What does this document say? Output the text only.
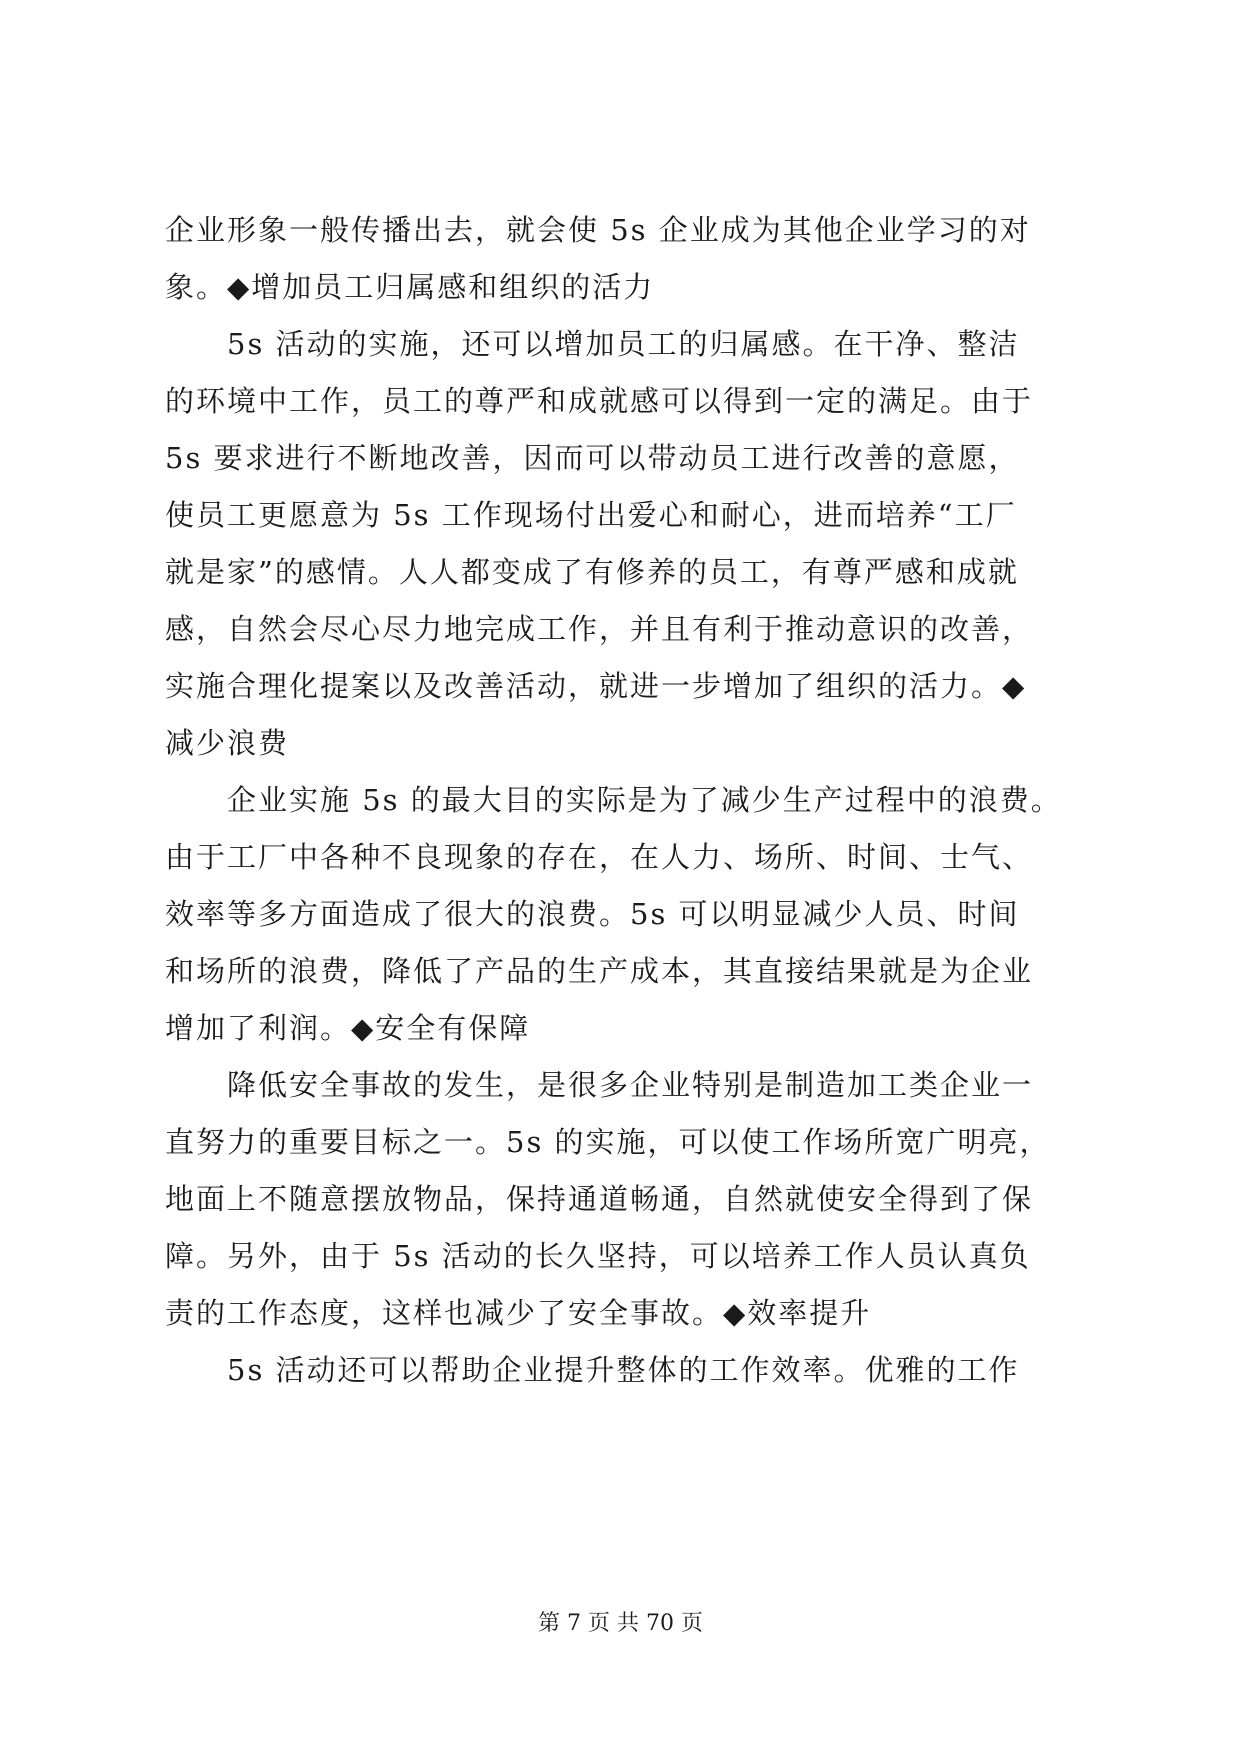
企业形象一般传播出去，就会使 5s 企业成为其他企业学习的对
象。◆增加员工归属感和组织的活力
　　5s 活动的实施，还可以增加员工的归属感。在干净、整洁
的环境中工作，员工的尊严和成就感可以得到一定的满足。由于
5s 要求进行不断地改善，因而可以带动员工进行改善的意愿，
使员工更愿意为 5s 工作现场付出爱心和耐心，进而培养“工厂
就是家”的感情。人人都变成了有修养的员工，有尊严感和成就
感，自然会尽心尽力地完成工作，并且有利于推动意识的改善，
实施合理化提案以及改善活动，就进一步增加了组织的活力。◆
减少浪费
　　企业实施 5s 的最大目的实际是为了减少生产过程中的浪费。
由于工厂中各种不良现象的存在，在人力、场所、时间、士气、
效率等多方面造成了很大的浪费。5s 可以明显减少人员、时间
和场所的浪费，降低了产品的生产成本，其直接结果就是为企业
增加了利润。◆安全有保障
　　降低安全事故的发生，是很多企业特别是制造加工类企业一
直努力的重要目标之一。5s 的实施，可以使工作场所宽广明亮，
地面上不随意摆放物品，保持通道畅通，自然就使安全得到了保
障。另外，由于 5s 活动的长久坚持，可以培养工作人员认真负
责的工作态度，这样也减少了安全事故。◆效率提升
　　5s 活动还可以帮助企业提升整体的工作效率。优雅的工作
第 7 页 共 70 页
